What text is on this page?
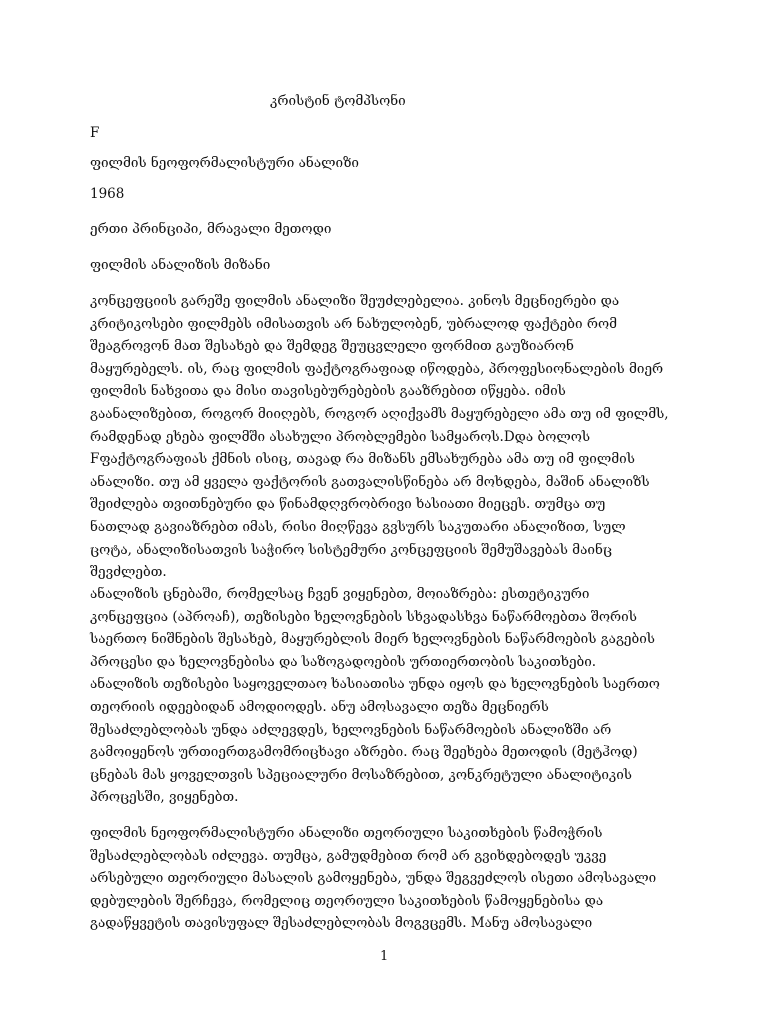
კრისტინ ტომპსონი

F

ფილმის ნეოფორმალისტური ანალიზი

1968

ერთი პრინციპი, მრავალი მეთოდი

ფილმის ანალიზის მიზანი

კონცეფციის გარეშე ფილმის ანალიზი შეუძლებელია. კინოს მეცნიერები და
კრიტიკოსები ფილმებს იმისათვის არ ნახულობენ, უბრალოდ ფაქტები რომ
შეაგროვონ მათ შესახებ და შემდეგ შეუცვლელი ფორმით გაუზიარონ
მაყურებელს. ის, რაც ფილმის ფაქტოგრაფიად იწოდება, პროფესიონალების მიერ
ფილმის ნახვითა და მისი თავისებურებების გააზრებით იწყება. იმის
გაანალიზებით, როგორ მიიღებს, როგორ აღიქვამს მაყურებელი ამა თუ იმ ფილმს,
რამდენად ეხება ფილმში ასახული პრობლემები სამყაროს.Dდა ბოლოს
Fფაქტოგრაფიას ქმნის ისიც, თავად რა მიზანს ემსახურება ამა თუ იმ ფილმის
ანალიზი. თუ ამ ყველა ფაქტორის გათვალისწინება არ მოხდება, მაშინ ანალიზს
შეიძლება თვითნებური და წინამდღვრობრივი ხასიათი მიეცეს. თუმცა თუ
ნათლად გავიაზრებთ იმას, რისი მიღწევა გვსურს საკუთარი ანალიზით, სულ
ცოტა, ანალიზისათვის საჭირო სისტემური კონცეფციის შემუშავებას მაინც
შევძლებთ.
ანალიზის ცნებაში, რომელსაც ჩვენ ვიყენებთ, მოიაზრება: ესთეტიკური
კონცეფცია (აპროაჩ), თეზისები ხელოვნების სხვადასხვა ნაწარმოებთა შორის
საერთო ნიშნების შესახებ, მაყურებლის მიერ ხელოვნების ნაწარმოების გაგების
პროცესი და ხელოვნებისა და საზოგადოების ურთიერთობის საკითხები.
ანალიზის თეზისები საყოველთაო ხასიათისა უნდა იყოს და ხელოვნების საერთო
თეორიის იდეებიდან ამოდიოდეს. ანუ ამოსავალი თეზა მეცნიერს
შესაძლებლობას უნდა აძლევდეს, ხელოვნების ნაწარმოების ანალიზში არ
გამოიყენოს ურთიერთგამომრიცხავი აზრები. რაც შეეხება მეთოდის (მეტჰოდ)
ცნებას მას ყოველთვის სპეციალური მოსაზრებით, კონკრეტული ანალიტიკის
პროცესში, ვიყენებთ.
ფილმის ნეოფორმალისტური ანალიზი თეორიული საკითხების წამოჭრის
შესაძლებლობას იძლევა. თუმცა, გამუდმებით რომ არ გვიხდებოდეს უკვე
არსებული თეორიული მასალის გამოყენება, უნდა შეგვეძლოს ისეთი ამოსავალი
დებულების შერჩევა, რომელიც თეორიული საკითხების წამოყენებისა და
გადაწყვეტის თავისუფალ შესაძლებლობას მოგვცემს. Mანუ ამოსავალი

1
